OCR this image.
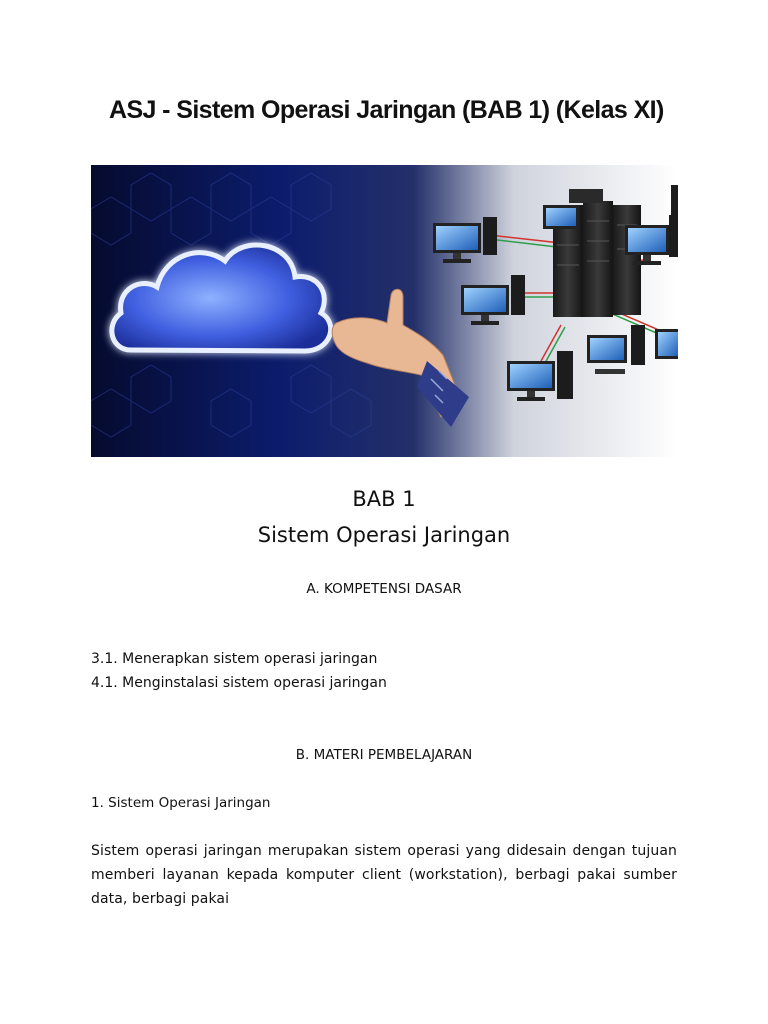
ASJ - Sistem Operasi Jaringan (BAB 1) (Kelas XI)
BAB 1
Sistem Operasi Jaringan
A. KOMPETENSI DASAR

3.1. Menerapkan sistem operasi jaringan

4.1. Menginstalasi sistem operasi jaringan

B. MATERI PEMBELAJARAN

1. Sistem Operasi Jaringan

Sistem operasi jaringan merupakan sistem operasi yang didesain dengan tujuan memberi layanan kepada komputer client (workstation), berbagi pakai sumber data, berbagi pakai
